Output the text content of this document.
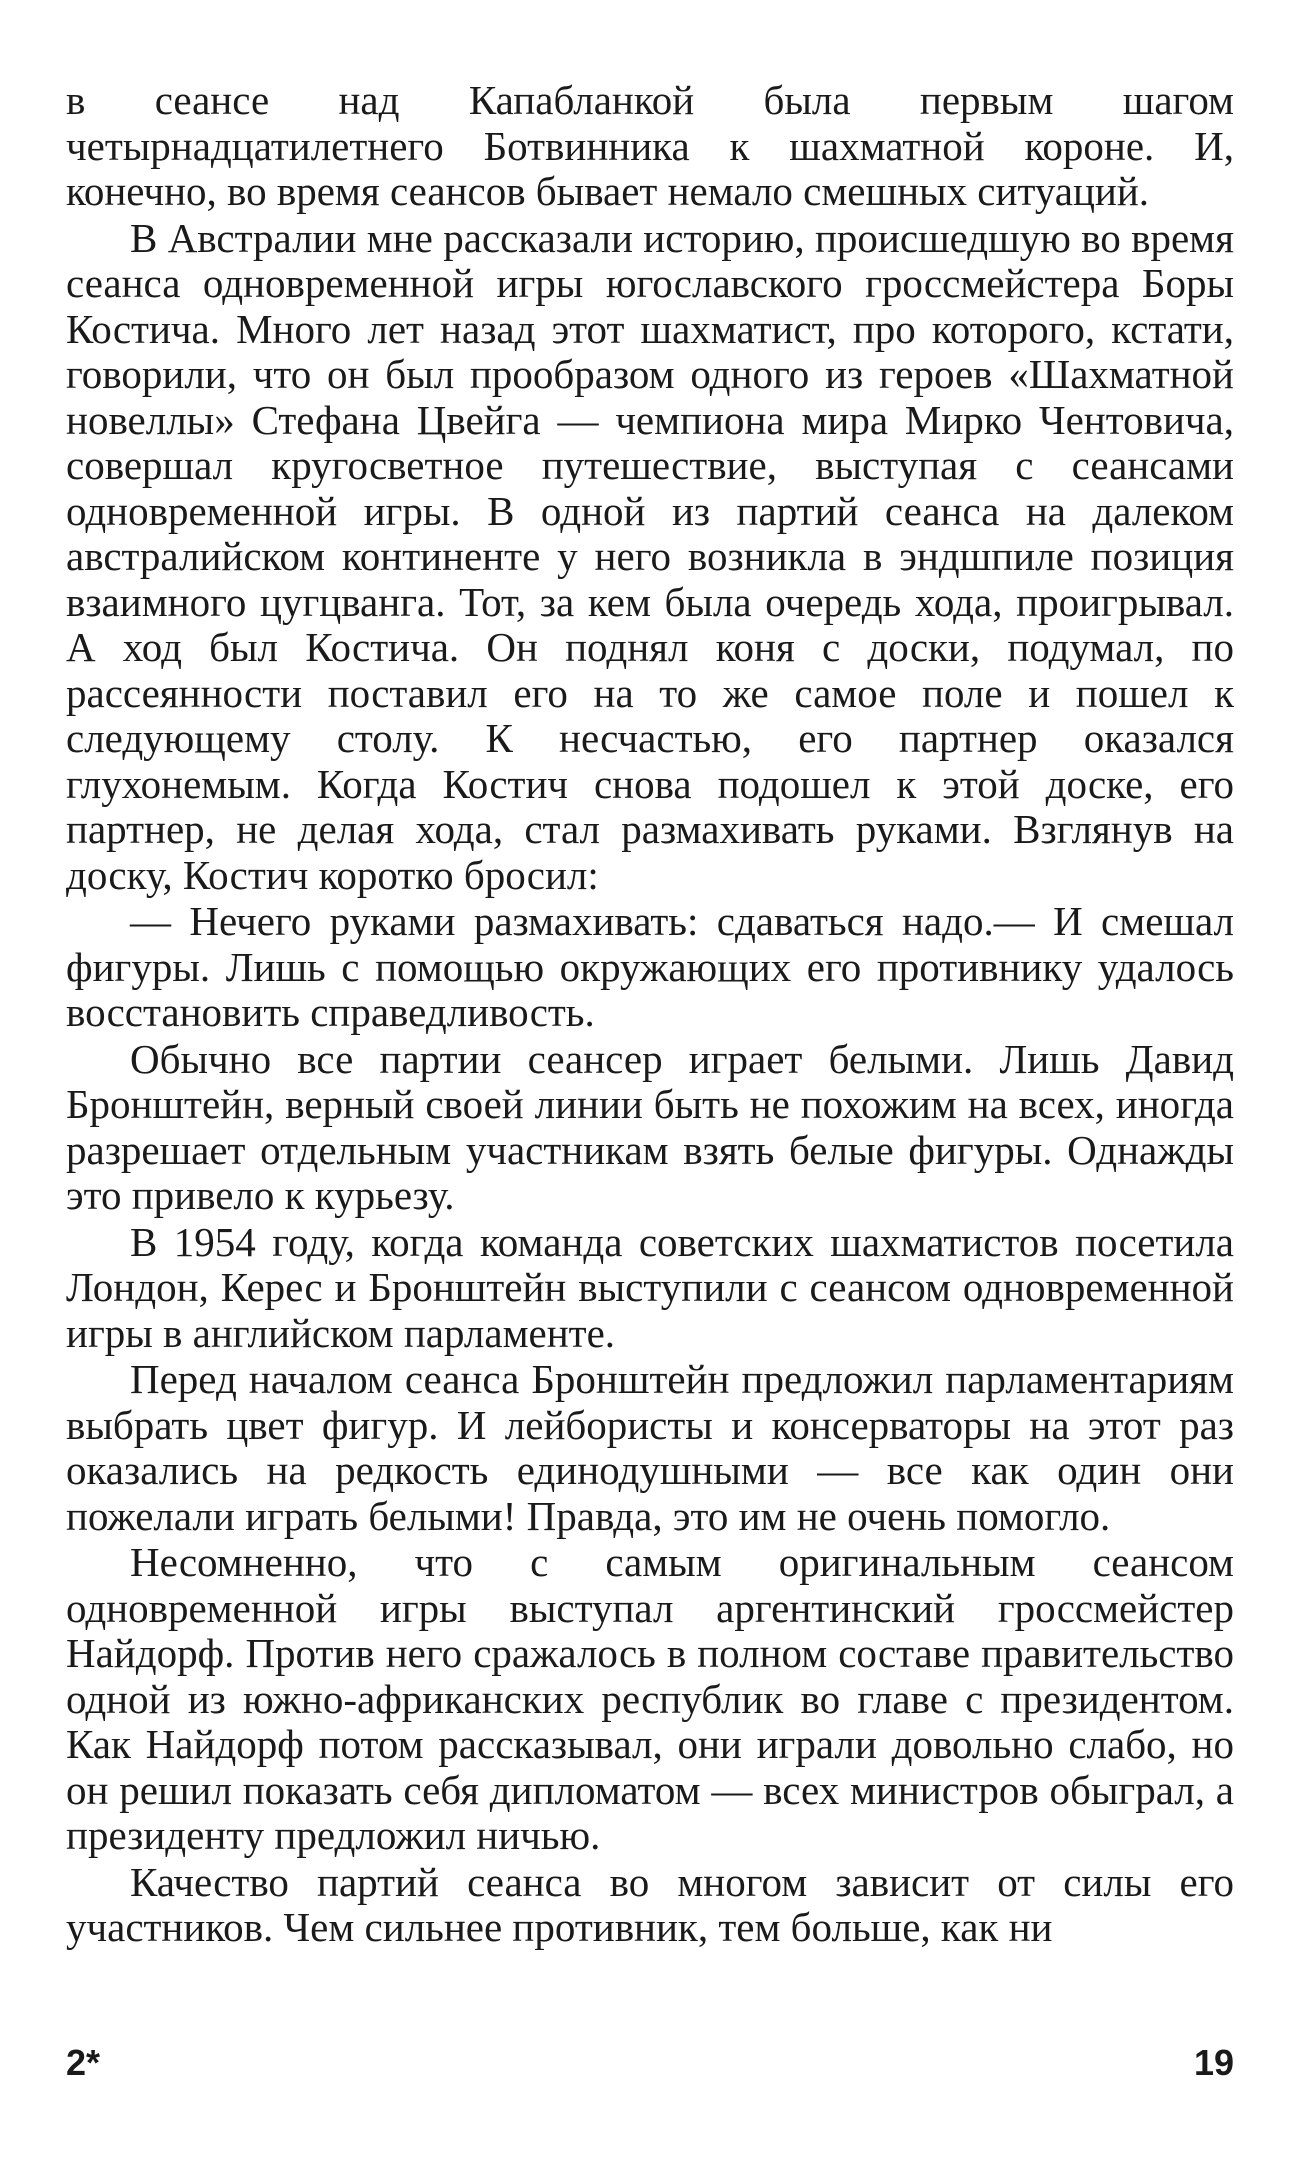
в сеансе над Капабланкой была первым шагом четырнадцатилетнего Ботвинника к шахматной короне. И, конечно, во время сеансов бывает немало смешных ситуаций.

В Австралии мне рассказали историю, происшедшую во время сеанса одновременной игры югославского гроссмейстера Боры Костича. Много лет назад этот шахматист, про которого, кстати, говорили, что он был прообразом одного из героев «Шахматной новеллы» Стефана Цвейга — чемпиона мира Мирко Чентовича, совершал кругосветное путешествие, выступая с сеансами одновременной игры. В одной из партий сеанса на далеком австралийском континенте у него возникла в эндшпиле позиция взаимного цугцванга. Тот, за кем была очередь хода, проигрывал. А ход был Костича. Он поднял коня с доски, подумал, по рассеянности поставил его на то же самое поле и пошел к следующему столу. К несчастью, его партнер оказался глухонемым. Когда Костич снова подошел к этой доске, его партнер, не делая хода, стал размахивать руками. Взглянув на доску, Костич коротко бросил:

— Нечего руками размахивать: сдаваться надо.— И смешал фигуры. Лишь с помощью окружающих его противнику удалось восстановить справедливость.

Обычно все партии сеансер играет белыми. Лишь Давид Бронштейн, верный своей линии быть не похожим на всех, иногда разрешает отдельным участникам взять белые фигуры. Однажды это привело к курьезу.

В 1954 году, когда команда советских шахматистов посетила Лондон, Керес и Бронштейн выступили с сеансом одновременной игры в английском парламенте.

Перед началом сеанса Бронштейн предложил парламентариям выбрать цвет фигур. И лейбористы и консерваторы на этот раз оказались на редкость единодушными — все как один они пожелали играть белыми! Правда, это им не очень помогло.

Несомненно, что с самым оригинальным сеансом одновременной игры выступал аргентинский гроссмейстер Найдорф. Против него сражалось в полном составе правительство одной из южно-африканских республик во главе с президентом. Как Найдорф потом рассказывал, они играли довольно слабо, но он решил показать себя дипломатом — всех министров обыграл, а президенту предложил ничью.

Качество партий сеанса во многом зависит от силы его участников. Чем сильнее противник, тем больше, как ни

2*	19
